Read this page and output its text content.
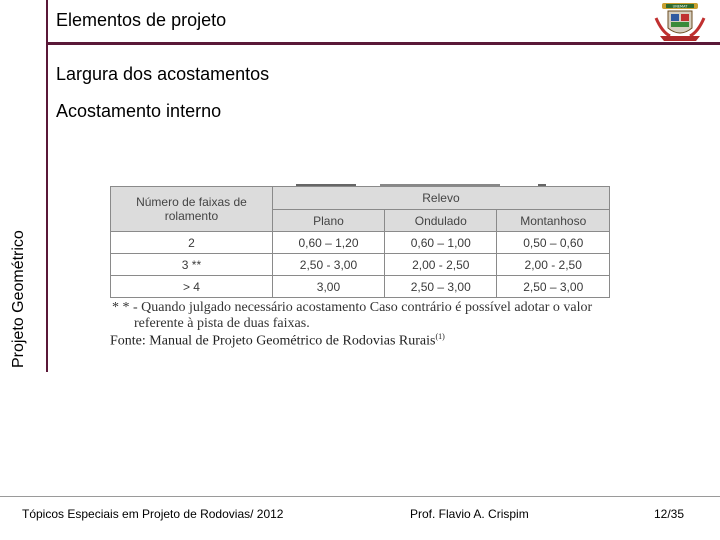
Projeto Geométrico
Elementos de projeto
UNEMAT
Largura dos acostamentos
Acostamento interno
Número de faixas de rolamento	Relevo		
	Plano	Ondulado	Montanhoso
2	0,60 – 1,20	0,60 – 1,00	0,50 – 0,60
3 **	2,50 - 3,00	2,00 - 2,50	2,00 - 2,50
> 4	3,00	2,50 – 3,00	2,50 – 3,00
* * - Quando julgado necessário acostamento Caso contrário é possível adotar o valor
referente à pista de duas faixas.
Fonte: Manual de Projeto Geométrico de Rodovias Rurais$^{(1)}$
Tópicos Especiais em Projeto de Rodovias/ 2012	Prof. Flavio A. Crispim	12/35
